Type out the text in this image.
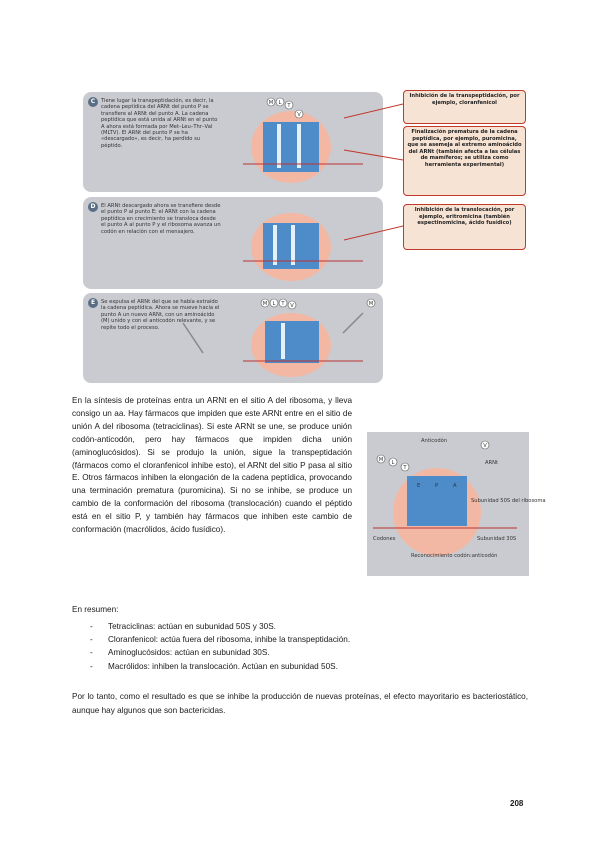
C	Tiene lugar la transpeptidación, es decir, la cadena peptídica del ARNt del punto P se transfiere al ARNt del punto A. La cadena peptídica que está unida al ARNt en el punto A ahora está formada por Met–Leu–Thr–Val (MLTV). El ARNt del punto P se ha «descargado», es decir, ha perdido su péptido.
M L T
V
D	El ARNt descargado ahora se transfiere desde el punto P al punto E; el ARNt con la cadena peptídica en crecimiento se transloca desde el punto A al punto P y el ribosoma avanza un codón en relación con el mensajero.
E	Se expulsa el ARNt del que se había extraído la cadena peptídica. Ahora se mueve hacia el punto A un nuevo ARNt, con un aminoácido (M) unido y con el anticodón relevante, y se repite todo el proceso.
M L T V	M
Inhibición de la transpeptidación, por ejemplo, cloranfenicol
Finalización prematura de la cadena peptídica, por ejemplo, puromicina, que se asemeja al extremo aminoácido del ARNt (también afecta a las células de mamíferos; se utiliza como herramienta experimental)
Inhibición de la translocación, por ejemplo, eritromicina (también espectinomicina, ácido fusídico)
En la síntesis de proteínas entra un ARNt en el sitio A del ribosoma, y lleva consigo un aa. Hay fármacos que impiden que este ARNt entre en el sitio de unión A del ribosoma (tetraciclinas). Si este ARNt se une, se produce unión codón-anticodón, pero hay fármacos que impiden dicha unión (aminoglucósidos). Si se produjo la unión, sigue la transpeptidación (fármacos como el cloranfenicol inhibe esto), el ARNt del sitio P pasa al sitio E. Otros fármacos inhiben la elongación de la cadena peptídica, provocando una terminación prematura (puromicina). Si no se inhibe, se produce un cambio de la conformación del ribosoma (translocación) cuando el péptido está en el sitio P, y también hay fármacos que inhiben este cambio de conformación (macrólidos, ácido fusídico).
M L
T
V
E	P	A
Anticodón
ARNt
Subunidad 50S del ribosoma
Subunidad 30S
Codones
Reconocimiento codón:anticodón
En resumen:
- Tetraciclinas: actúan en subunidad 50S y 30S.
- Cloranfenicol: actúa fuera del ribosoma, inhibe la transpeptidación.
- Aminoglucósidos: actúan en subunidad 30S.
- Macrólidos: inhiben la translocación. Actúan en subunidad 50S.
Por lo tanto, como el resultado es que se inhibe la producción de nuevas proteínas, el efecto mayoritario es bacteriostático, aunque hay algunos que son bactericidas.
208
